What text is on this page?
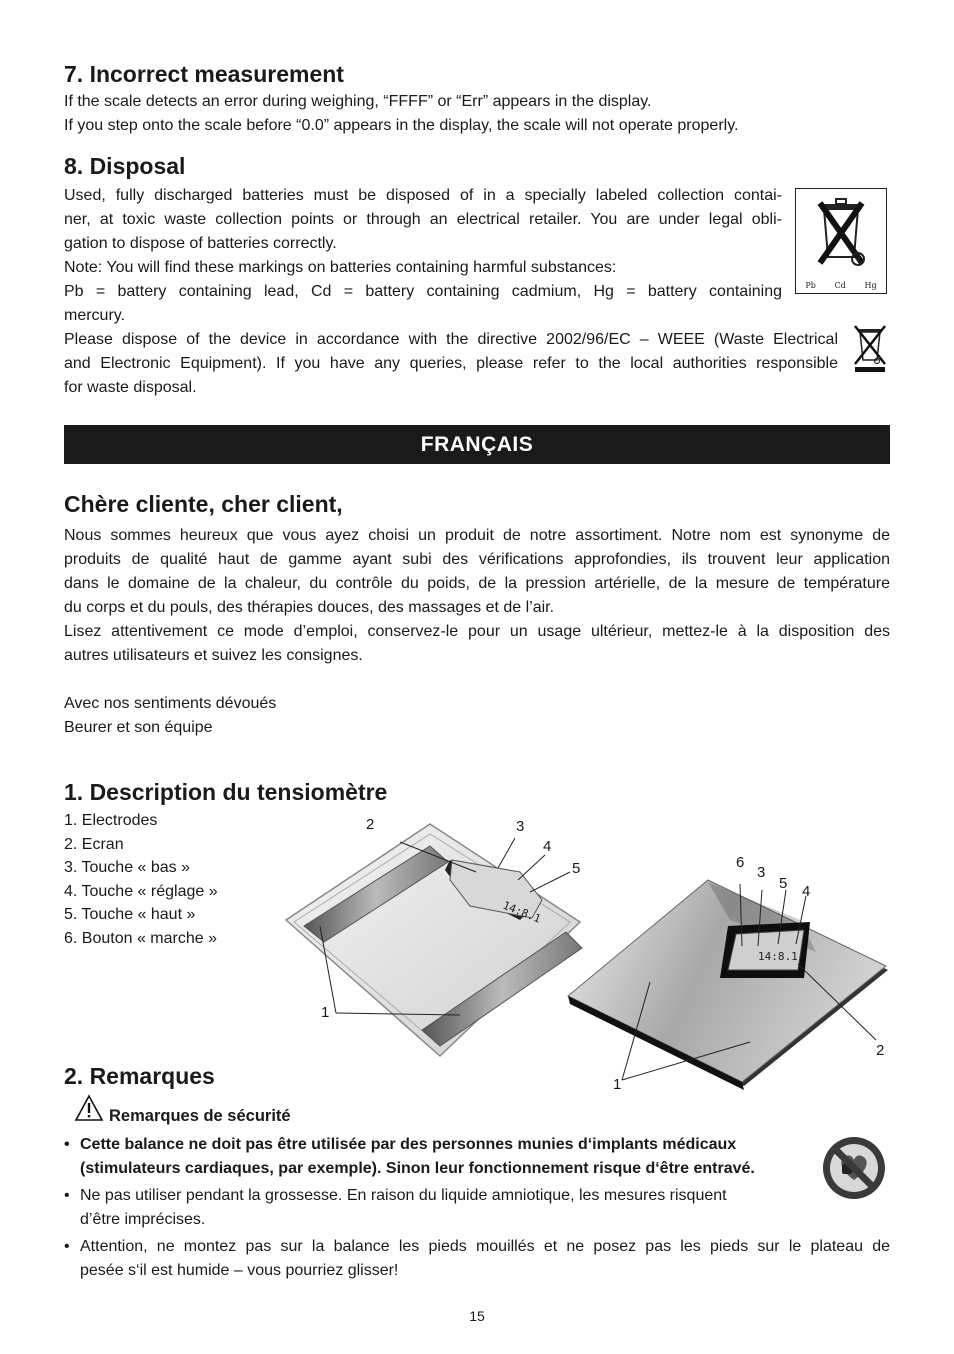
7. Incorrect measurement

If the scale detects an error during weighing, “FFFF” or “Err” appears in the display.

If you step onto the scale before “0.0” appears in the display, the scale will not operate properly.

8. Disposal

Used, fully discharged batteries must be disposed of in a specially labeled collection contai-

ner, at toxic waste collection points or through an electrical retailer. You are under legal obli-

gation to dispose of batteries correctly.

Note: You will find these markings on batteries containing harmful substances:

Pb = battery containing lead, Cd = battery containing cadmium, Hg = battery containing

mercury.

Please dispose of the device in accordance with the directive 2002/96/EC – WEEE (Waste Electrical

and Electronic Equipment). If you have any queries, please refer to the local authorities responsible

for waste disposal.

Pb Cd Hg
FRANÇAIS
Chère cliente, cher client,

Nous sommes heureux que vous ayez choisi un produit de notre assortiment. Notre nom est synonyme de

produits de qualité haut de gamme ayant subi des vérifications approfondies, ils trouvent leur application

dans le domaine de la chaleur, du contrôle du poids, de la pression artérielle, de la mesure de température

du corps et du pouls, des thérapies douces, des massages et de l’air.

Lisez attentivement ce mode d’emploi, conservez-le pour un usage ultérieur, mettez-le à la disposition des

autres utilisateurs et suivez les consignes.

Avec nos sentiments dévoués

Beurer et son équipe

1. Description du tensiomètre

1. Electrodes

2. Ecran

3. Touche « bas »

4. Touche « réglage »

5. Touche « haut »

6. Bouton « marche »

14:8.1
2	3
4
5
1
14:8.1
6
3
5 4
2
1
2. Remarques
Remarques de sécurité
• Cette balance ne doit pas être utilisée par des personnes munies d‘implants médicaux
(stimulateurs cardiaques, par exemple). Sinon leur fonctionnement risque d‘être entravé.
• Ne pas utiliser pendant la grossesse. En raison du liquide amniotique, les mesures risquent
d’être imprécises.
• Attention, ne montez pas sur la balance les pieds mouillés et ne posez pas les pieds sur le plateau de
pesée s‘il est humide – vous pourriez glisser!
15
